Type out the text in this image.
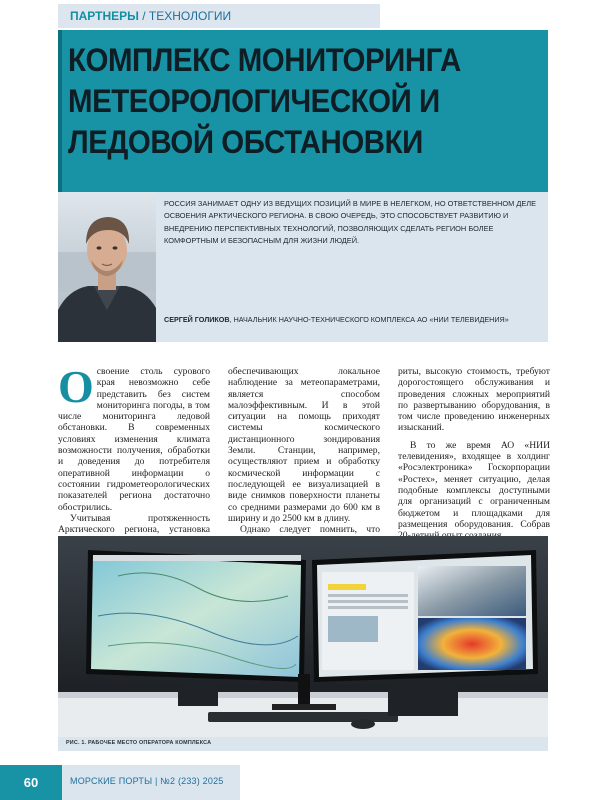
ПАРТНЕРЫ / ТЕХНОЛОГИИ
КОМПЛЕКС МОНИТОРИНГА
МЕТЕОРОЛОГИЧЕСКОЙ И
ЛЕДОВОЙ ОБСТАНОВКИ

РОССИЯ ЗАНИМАЕТ ОДНУ ИЗ ВЕДУЩИХ ПОЗИЦИЙ В МИРЕ В НЕЛЕГКОМ, НО ОТВЕТСТВЕННОМ ДЕЛЕ ОСВОЕНИЯ АРКТИЧЕСКОГО РЕГИОНА. В СВОЮ ОЧЕРЕДЬ, ЭТО СПОСОБСТВУЕТ РАЗВИТИЮ И ВНЕДРЕНИЮ ПЕРСПЕКТИВНЫХ ТЕХНОЛОГИЙ, ПОЗВОЛЯЮЩИХ СДЕЛАТЬ РЕГИОН БОЛЕЕ КОМФОРТНЫМ И БЕЗОПАСНЫМ ДЛЯ ЖИЗНИ ЛЮДЕЙ.

СЕРГЕЙ ГОЛИКОВ, НАЧАЛЬНИК НАУЧНО-ТЕХНИЧЕСКОГО КОМПЛЕКСА АО «НИИ ТЕЛЕВИДЕНИЯ»

Освоение столь сурового края невозможно себе представить без систем мониторинга погоды, в том числе мониторинга ледовой обстановки. В современных условиях изменения климата возможности получения, обработки и доведения до потребителя оперативной информации о состоянии гидрометеорологических показателей региона достаточно обострились.

Учитывая протяженность Арктического региона, установка

обеспечивающих локальное наблюдение за метеопараметрами, является способом малоэффективным. И в этой ситуации на помощь приходят системы космического дистанционного зондирования Земли. Станции, например, осуществляют прием и обработку космической информации с последующей ее визуализацией в виде снимков поверхности планеты со средними размерами до 600 км в ширину и до 2500 км в длину.

Однако следует помнить, что

риты, высокую стоимость, требуют дорогостоящего обслуживания и проведения сложных мероприятий по развертыванию оборудования, в том числе проведению инженерных изысканий.

В то же время АО «НИИ телевидения», входящее в холдинг «Росэлектроника» Госкорпорации «Ростех», меняет ситуацию, делая подобные комплексы доступными для организаций с ограниченным бюджетом и площадками для размещения оборудования. Собрав

РИС. 1. РАБОЧЕЕ МЕСТО ОПЕРАТОРА КОМПЛЕКСА
60	МОРСКИЕ ПОРТЫ | №2 (233) 2025
